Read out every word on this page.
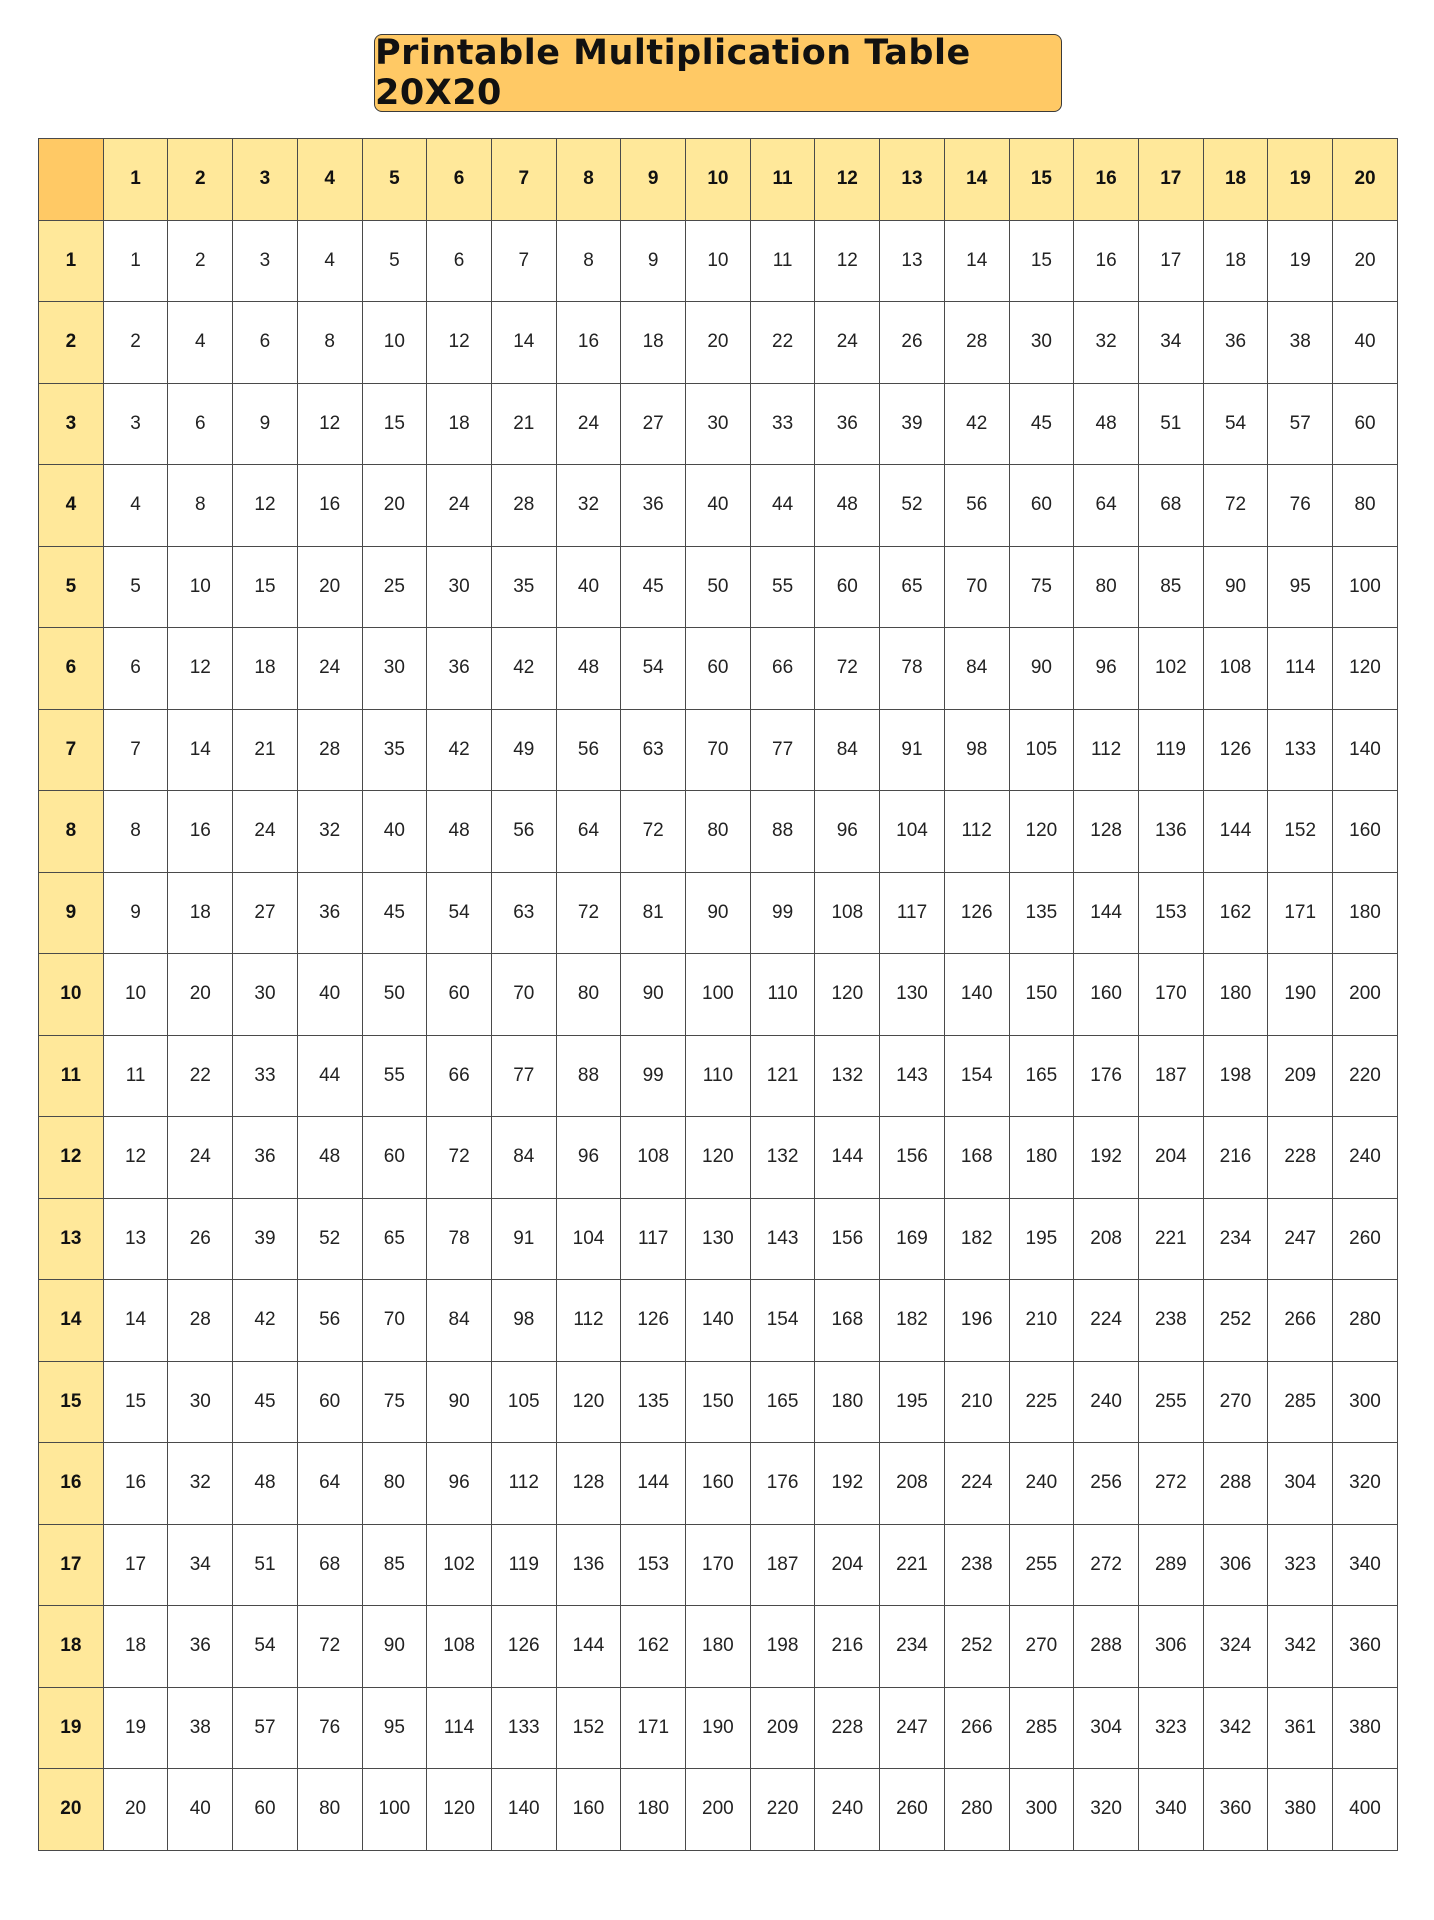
Printable Multiplication Table 20X20
	1	2	3	4	5	6	7	8	9	10	11	12	13	14	15	16	17	18	19	20
1	1	2	3	4	5	6	7	8	9	10	11	12	13	14	15	16	17	18	19	20
2	2	4	6	8	10	12	14	16	18	20	22	24	26	28	30	32	34	36	38	40
3	3	6	9	12	15	18	21	24	27	30	33	36	39	42	45	48	51	54	57	60
4	4	8	12	16	20	24	28	32	36	40	44	48	52	56	60	64	68	72	76	80
5	5	10	15	20	25	30	35	40	45	50	55	60	65	70	75	80	85	90	95	100
6	6	12	18	24	30	36	42	48	54	60	66	72	78	84	90	96	102	108	114	120
7	7	14	21	28	35	42	49	56	63	70	77	84	91	98	105	112	119	126	133	140
8	8	16	24	32	40	48	56	64	72	80	88	96	104	112	120	128	136	144	152	160
9	9	18	27	36	45	54	63	72	81	90	99	108	117	126	135	144	153	162	171	180
10	10	20	30	40	50	60	70	80	90	100	110	120	130	140	150	160	170	180	190	200
11	11	22	33	44	55	66	77	88	99	110	121	132	143	154	165	176	187	198	209	220
12	12	24	36	48	60	72	84	96	108	120	132	144	156	168	180	192	204	216	228	240
13	13	26	39	52	65	78	91	104	117	130	143	156	169	182	195	208	221	234	247	260
14	14	28	42	56	70	84	98	112	126	140	154	168	182	196	210	224	238	252	266	280
15	15	30	45	60	75	90	105	120	135	150	165	180	195	210	225	240	255	270	285	300
16	16	32	48	64	80	96	112	128	144	160	176	192	208	224	240	256	272	288	304	320
17	17	34	51	68	85	102	119	136	153	170	187	204	221	238	255	272	289	306	323	340
18	18	36	54	72	90	108	126	144	162	180	198	216	234	252	270	288	306	324	342	360
19	19	38	57	76	95	114	133	152	171	190	209	228	247	266	285	304	323	342	361	380
20	20	40	60	80	100	120	140	160	180	200	220	240	260	280	300	320	340	360	380	400
